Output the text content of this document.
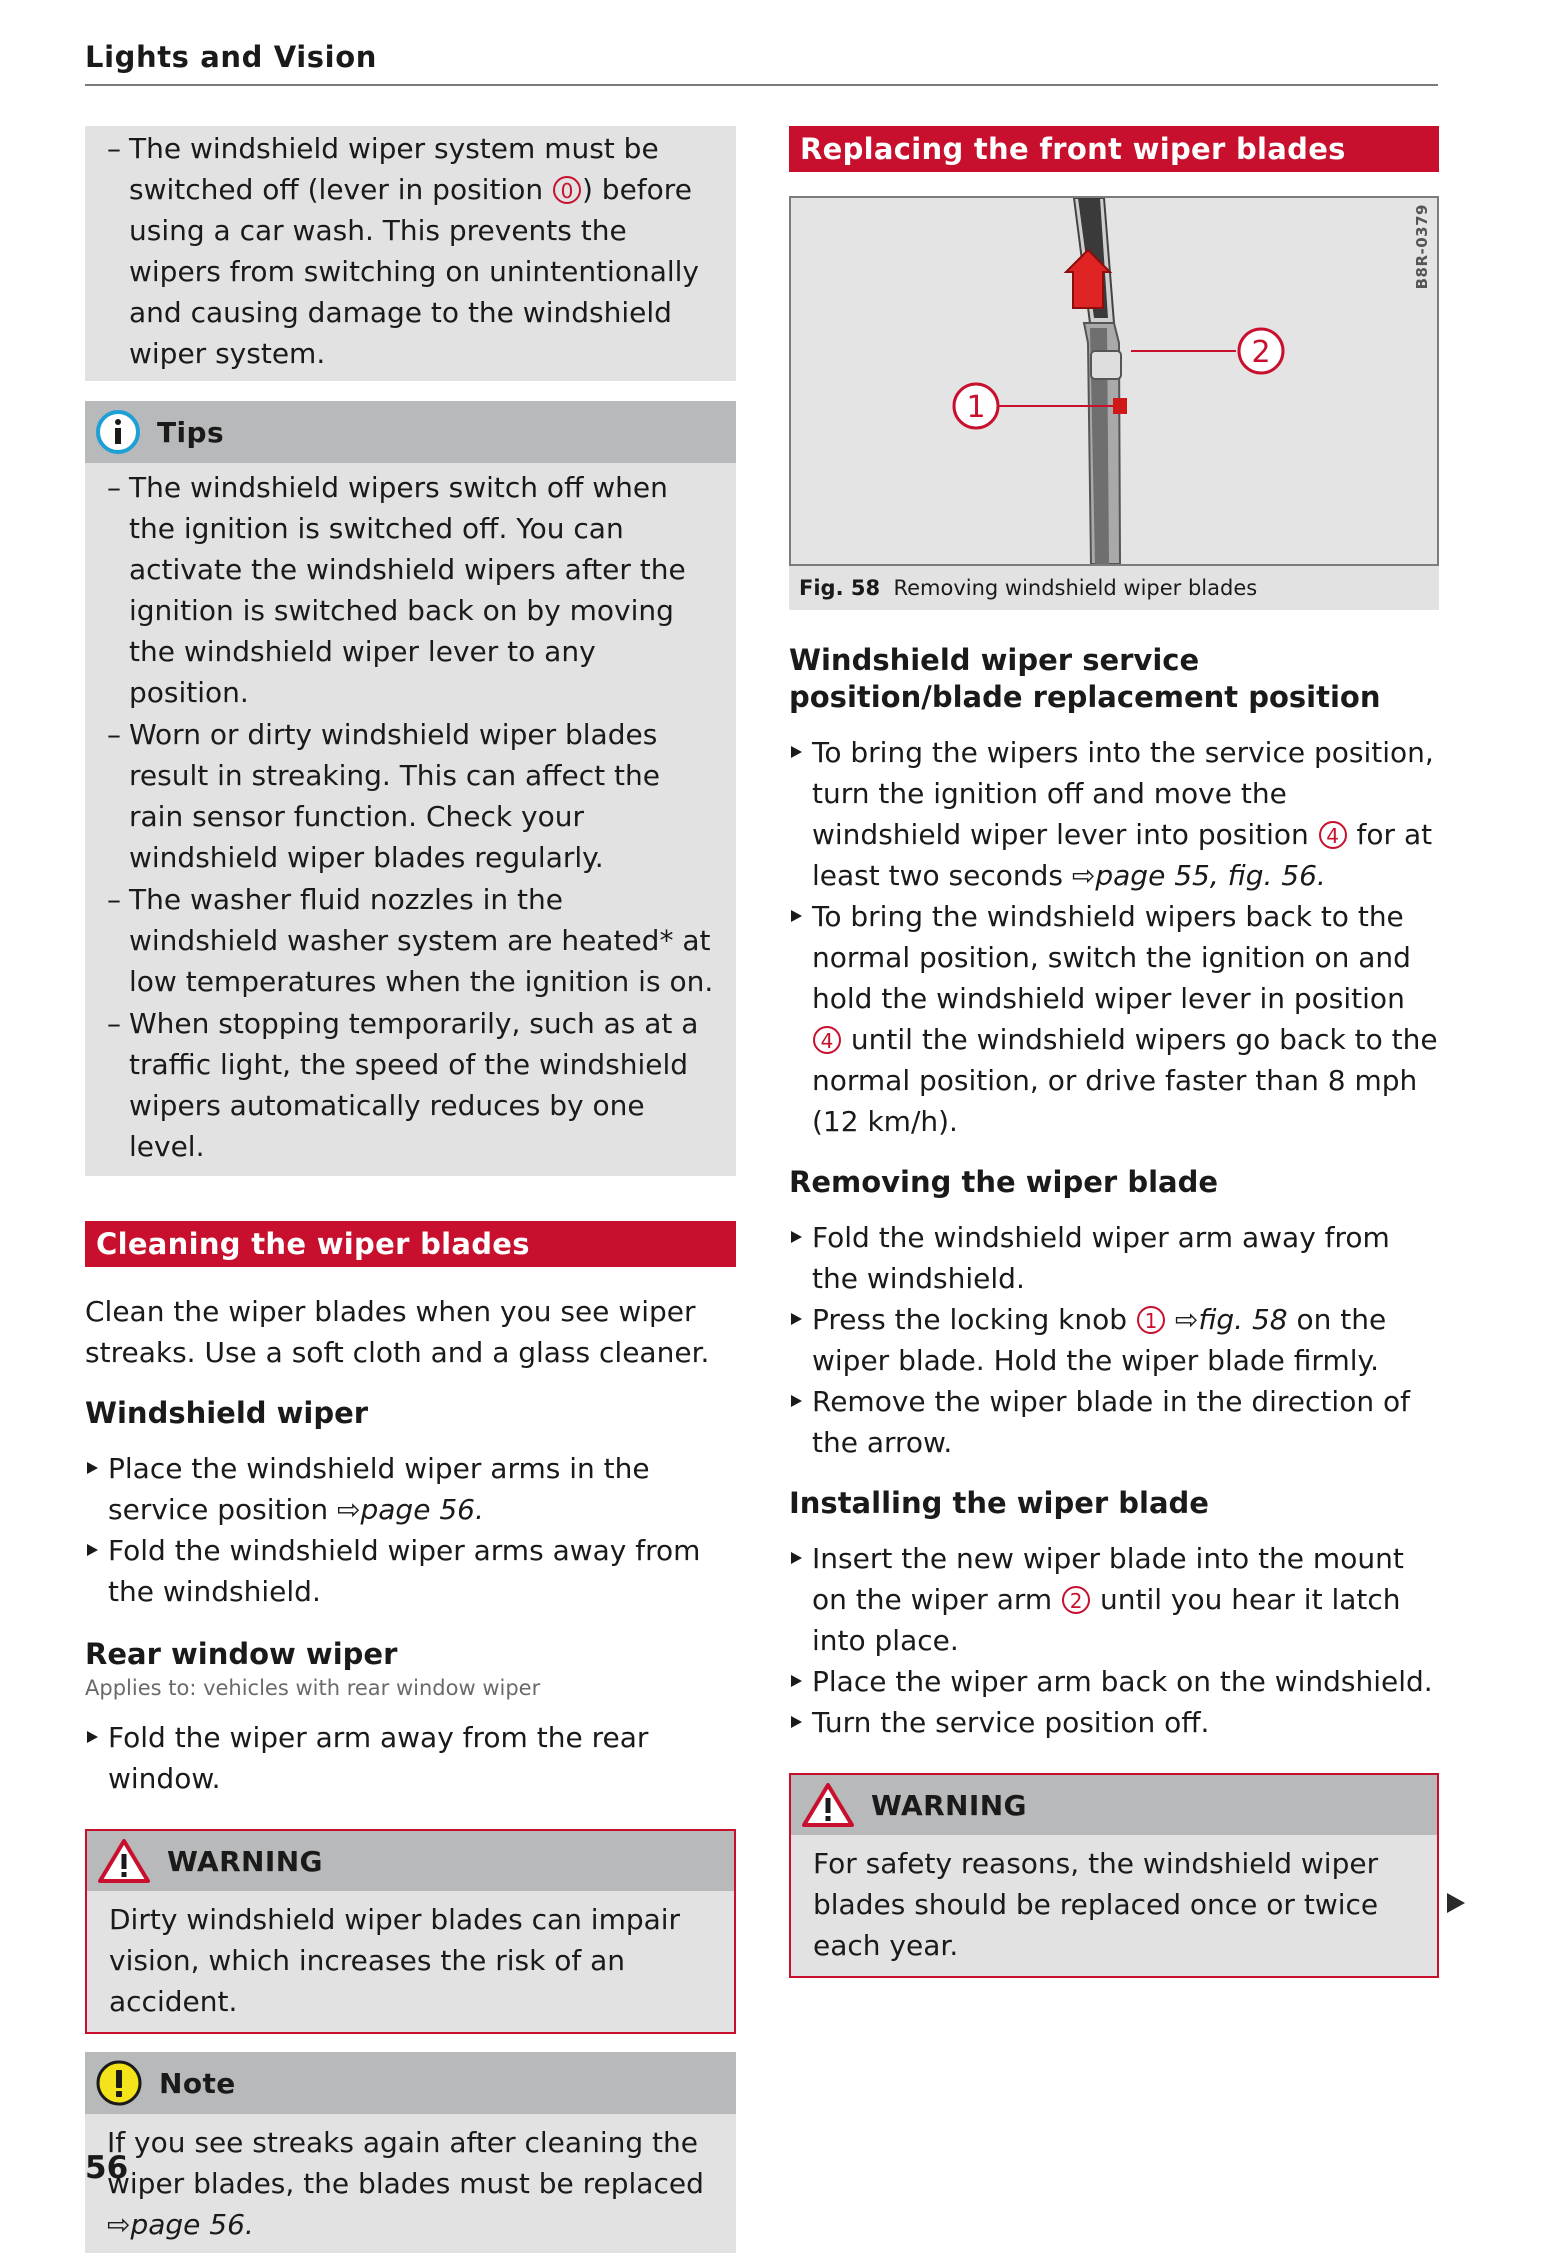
Lights and Vision
– The windshield wiper system must be switched off (lever in position 0 ) before using a car wash. This prevents the wipers from switching on unintentionally and causing damage to the windshield wiper system.
Tips
– The windshield wipers switch off when the ignition is switched off. You can activate the windshield wipers after the ignition is switched back on by moving the windshield wiper lever to any position.
– Worn or dirty windshield wiper blades result in streaking. This can affect the rain sensor function. Check your windshield wiper blades regularly.
– The washer fluid nozzles in the windshield washer system are heated* at low temperatures when the ignition is on.
– When stopping temporarily, such as at a traffic light, the speed of the windshield wipers automatically reduces by one level.
Cleaning the wiper blades

Clean the wiper blades when you see wiper streaks. Use a soft cloth and a glass cleaner.

Windshield wiper

Place the windshield wiper arms in the service position ⇨page 56.
Fold the windshield wiper arms away from the windshield.

Rear window wiper

Applies to: vehicles with rear window wiper

Fold the wiper arm away from the rear window.
WARNING

Dirty windshield wiper blades can impair vision, which increases the risk of an accident.

Note

If you see streaks again after cleaning the wiper blades, the blades must be replaced ⇨page 56.

Replacing the front wiper blades
2
1
B8R-0379
Fig. 58 Removing windshield wiper blades

Windshield wiper service position/blade replacement position

To bring the wipers into the service position, turn the ignition off and move the windshield wiper lever into position 4 for at least two seconds ⇨page 55, fig. 56.
To bring the windshield wipers back to the normal position, switch the ignition on and hold the windshield wiper lever in position 4 until the windshield wipers go back to the normal position, or drive faster than 8 mph (12 km/h).

Removing the wiper blade

Fold the windshield wiper arm away from the windshield.
Press the locking knob 1 ⇨fig. 58 on the wiper blade. Hold the wiper blade firmly.
Remove the wiper blade in the direction of the arrow.

Installing the wiper blade

Insert the new wiper blade into the mount on the wiper arm 2 until you hear it latch into place.
Place the wiper arm back on the windshield.
Turn the service position off.
WARNING

For safety reasons, the windshield wiper blades should be replaced once or twice each year.

56
